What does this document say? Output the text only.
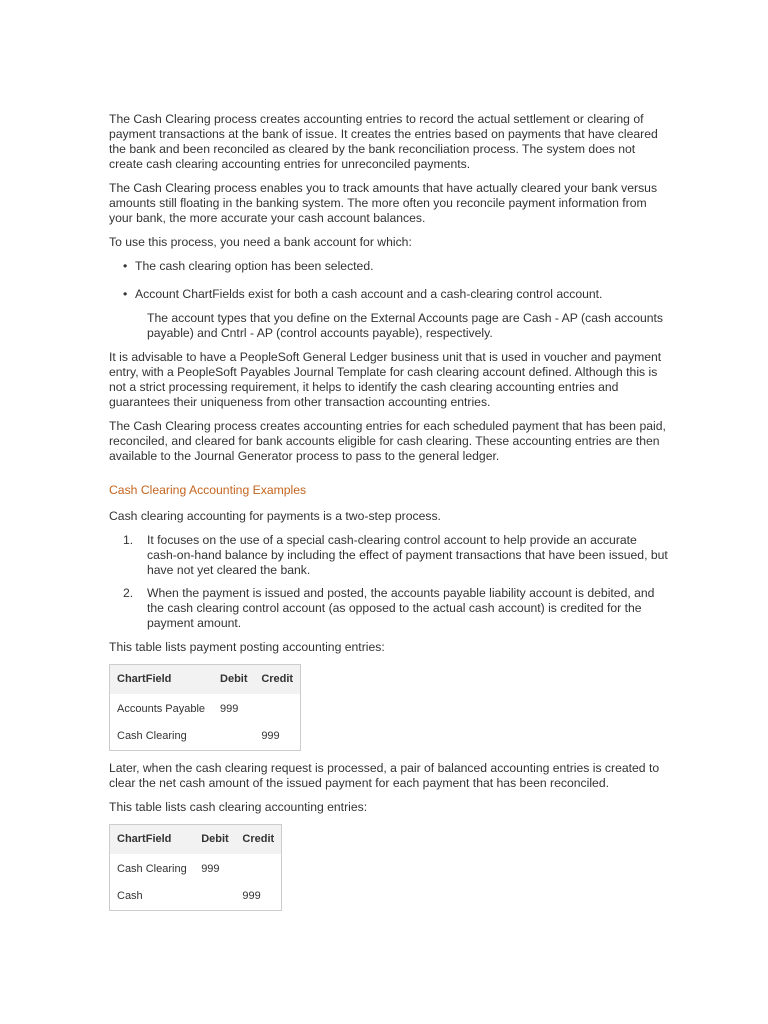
The Cash Clearing process creates accounting entries to record the actual settlement or clearing of payment transactions at the bank of issue. It creates the entries based on payments that have cleared the bank and been reconciled as cleared by the bank reconciliation process. The system does not create cash clearing accounting entries for unreconciled payments.

The Cash Clearing process enables you to track amounts that have actually cleared your bank versus amounts still floating in the banking system. The more often you reconcile payment information from your bank, the more accurate your cash account balances.

To use this process, you need a bank account for which:

• The cash clearing option has been selected.
• Account ChartFields exist for both a cash account and a cash-clearing control account.

The account types that you define on the External Accounts page are Cash - AP (cash accounts payable) and Cntrl - AP (control accounts payable), respectively.

It is advisable to have a PeopleSoft General Ledger business unit that is used in voucher and payment entry, with a PeopleSoft Payables Journal Template for cash clearing account defined. Although this is not a strict processing requirement, it helps to identify the cash clearing accounting entries and guarantees their uniqueness from other transaction accounting entries.

The Cash Clearing process creates accounting entries for each scheduled payment that has been paid, reconciled, and cleared for bank accounts eligible for cash clearing. These accounting entries are then available to the Journal Generator process to pass to the general ledger.

Cash Clearing Accounting Examples

Cash clearing accounting for payments is a two-step process.

1. It focuses on the use of a special cash-clearing control account to help provide an accurate cash-on-hand balance by including the effect of payment transactions that have been issued, but have not yet cleared the bank.
2. When the payment is issued and posted, the accounts payable liability account is debited, and the cash clearing control account (as opposed to the actual cash account) is credited for the payment amount.

This table lists payment posting accounting entries:

ChartField	Debit	Credit
Accounts Payable	999	
Cash Clearing		999

Later, when the cash clearing request is processed, a pair of balanced accounting entries is created to clear the net cash amount of the issued payment for each payment that has been reconciled.

This table lists cash clearing accounting entries:

ChartField	Debit	Credit
Cash Clearing	999	
Cash		999
